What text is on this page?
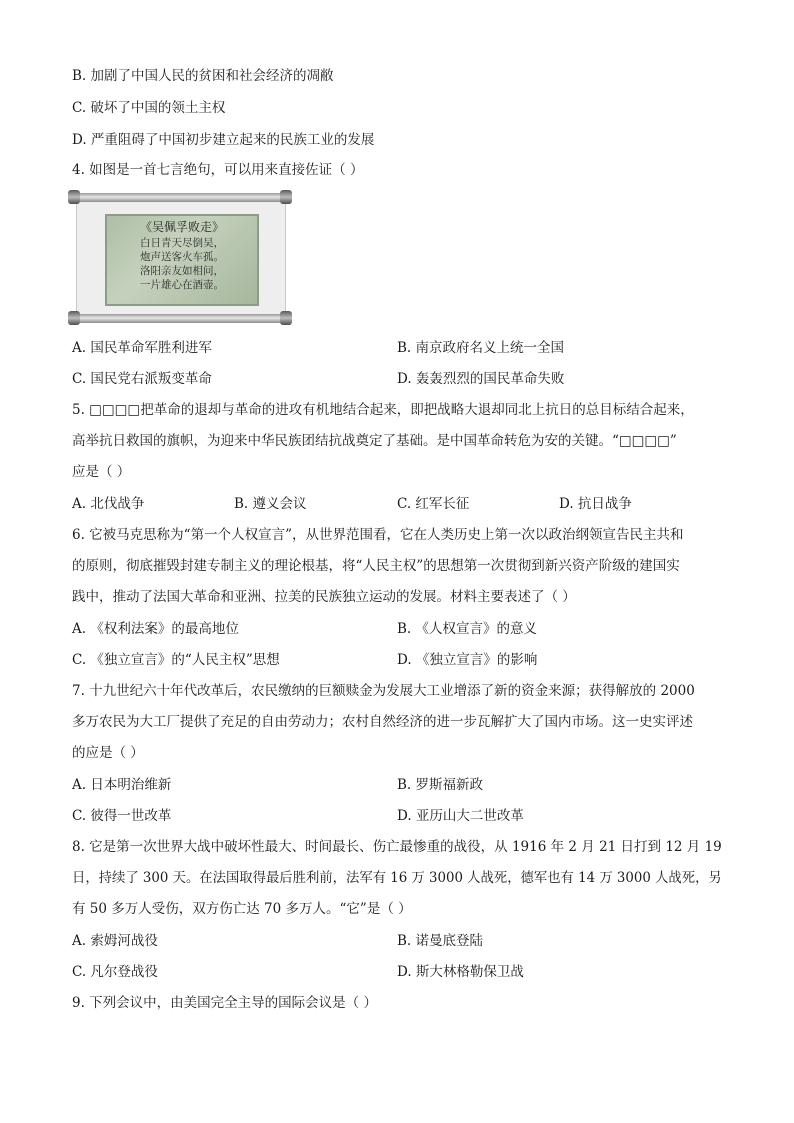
B. 加剧了中国人民的贫困和社会经济的凋敝
C. 破坏了中国的领土主权
D. 严重阻碍了中国初步建立起来的民族工业的发展
4. 如图是一首七言绝句，可以用来直接佐证（ ）
《吴佩孚败走》
白日青天尽倒吴，
炮声送客火车孤。
洛阳亲友如相问，
一片雄心在酒壶。
A. 国民革命军胜利进军	B. 南京政府名义上统一全国
C. 国民党右派叛变革命	D. 轰轰烈烈的国民革命失败
5. □□□□把革命的退却与革命的进攻有机地结合起来，即把战略大退却同北上抗日的总目标结合起来，
高举抗日救国的旗帜，为迎来中华民族团结抗战奠定了基础。是中国革命转危为安的关键。“□□□□”
应是（ ）
A. 北伐战争	B. 遵义会议	C. 红军长征	D. 抗日战争
6. 它被马克思称为“第一个人权宣言”，从世界范围看，它在人类历史上第一次以政治纲领宣告民主共和
的原则，彻底摧毁封建专制主义的理论根基，将“人民主权”的思想第一次贯彻到新兴资产阶级的建国实
践中，推动了法国大革命和亚洲、拉美的民族独立运动的发展。材料主要表述了（ ）
A. 《权利法案》的最高地位	B. 《人权宣言》的意义
C. 《独立宣言》的“人民主权”思想	D. 《独立宣言》的影响
7. 十九世纪六十年代改革后，农民缴纳的巨额赎金为发展大工业增添了新的资金来源；获得解放的 2000
多万农民为大工厂提供了充足的自由劳动力；农村自然经济的进一步瓦解扩大了国内市场。这一史实评述
的应是（ ）
A. 日本明治维新	B. 罗斯福新政
C. 彼得一世改革	D. 亚历山大二世改革
8. 它是第一次世界大战中破坏性最大、时间最长、伤亡最惨重的战役，从 1916 年 2 月 21 日打到 12 月 19
日，持续了 300 天。在法国取得最后胜利前，法军有 16 万 3000 人战死，德军也有 14 万 3000 人战死，另
有 50 多万人受伤，双方伤亡达 70 多万人。“它”是（ ）
A. 索姆河战役	B. 诺曼底登陆
C. 凡尔登战役	D. 斯大林格勒保卫战
9. 下列会议中，由美国完全主导的国际会议是（ ）
